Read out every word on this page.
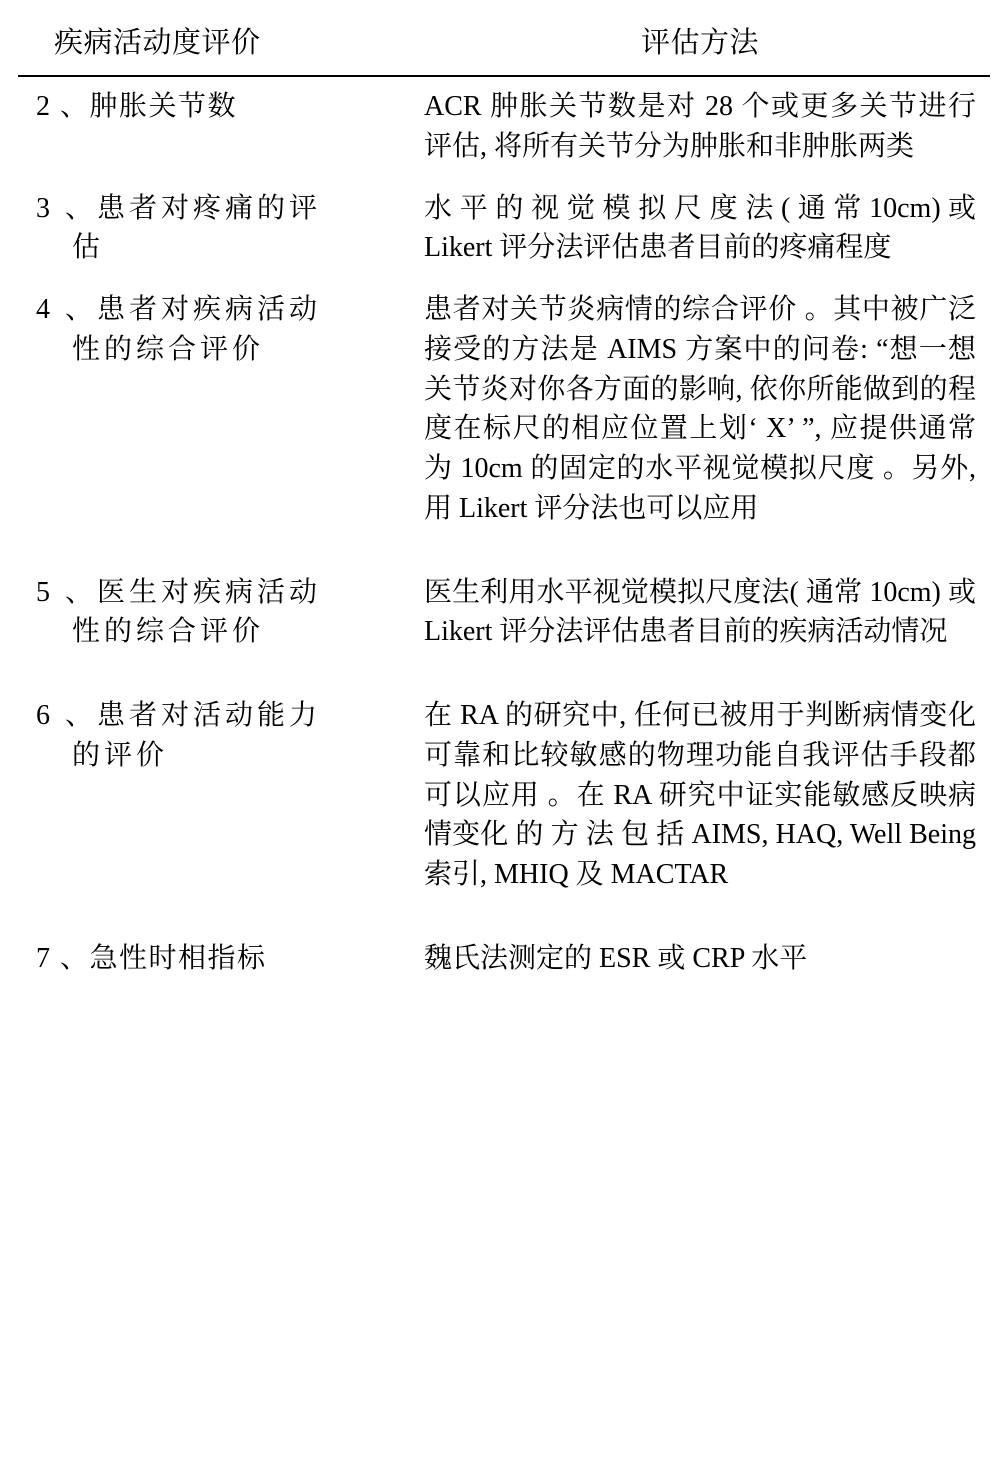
疾病活动度评价	评估方法

2 、肿胀关节数	ACR 肿胀关节数是对 28 个或更多关节进行评估, 将所有关节分为肿胀和非肿胀两类

3 、患者对疼痛的评
估	水 平 的 视 觉 模 拟 尺 度 法 ( 通 常 10cm) 或 Likert 评分法评估患者目前的疼痛程度

4 、患者对疾病活动
性的综合评价	患者对关节炎病情的综合评价 。其中被广泛接受的方法是 AIMS 方案中的问卷: “想一想关节炎对你各方面的影响, 依你所能做到的程度在标尺的相应位置上划‘ X’ ”, 应提供通常为 10cm 的固定的水平视觉模拟尺度 。另外, 用 Likert 评分法也可以应用

5 、医生对疾病活动
性的综合评价	医生利用水平视觉模拟尺度法( 通常 10cm) 或 Likert 评分法评估患者目前的疾病活动情况

6 、患者对活动能力
的评价	在 RA 的研究中, 任何已被用于判断病情变化可靠和比较敏感的物理功能自我评估手段都可以应用 。在 RA 研究中证实能敏感反映病情变化 的 方 法 包 括 AIMS, HAQ, Well Being 索引, MHIQ 及 MACTAR

7 、急性时相指标	魏氏法测定的 ESR 或 CRP 水平
